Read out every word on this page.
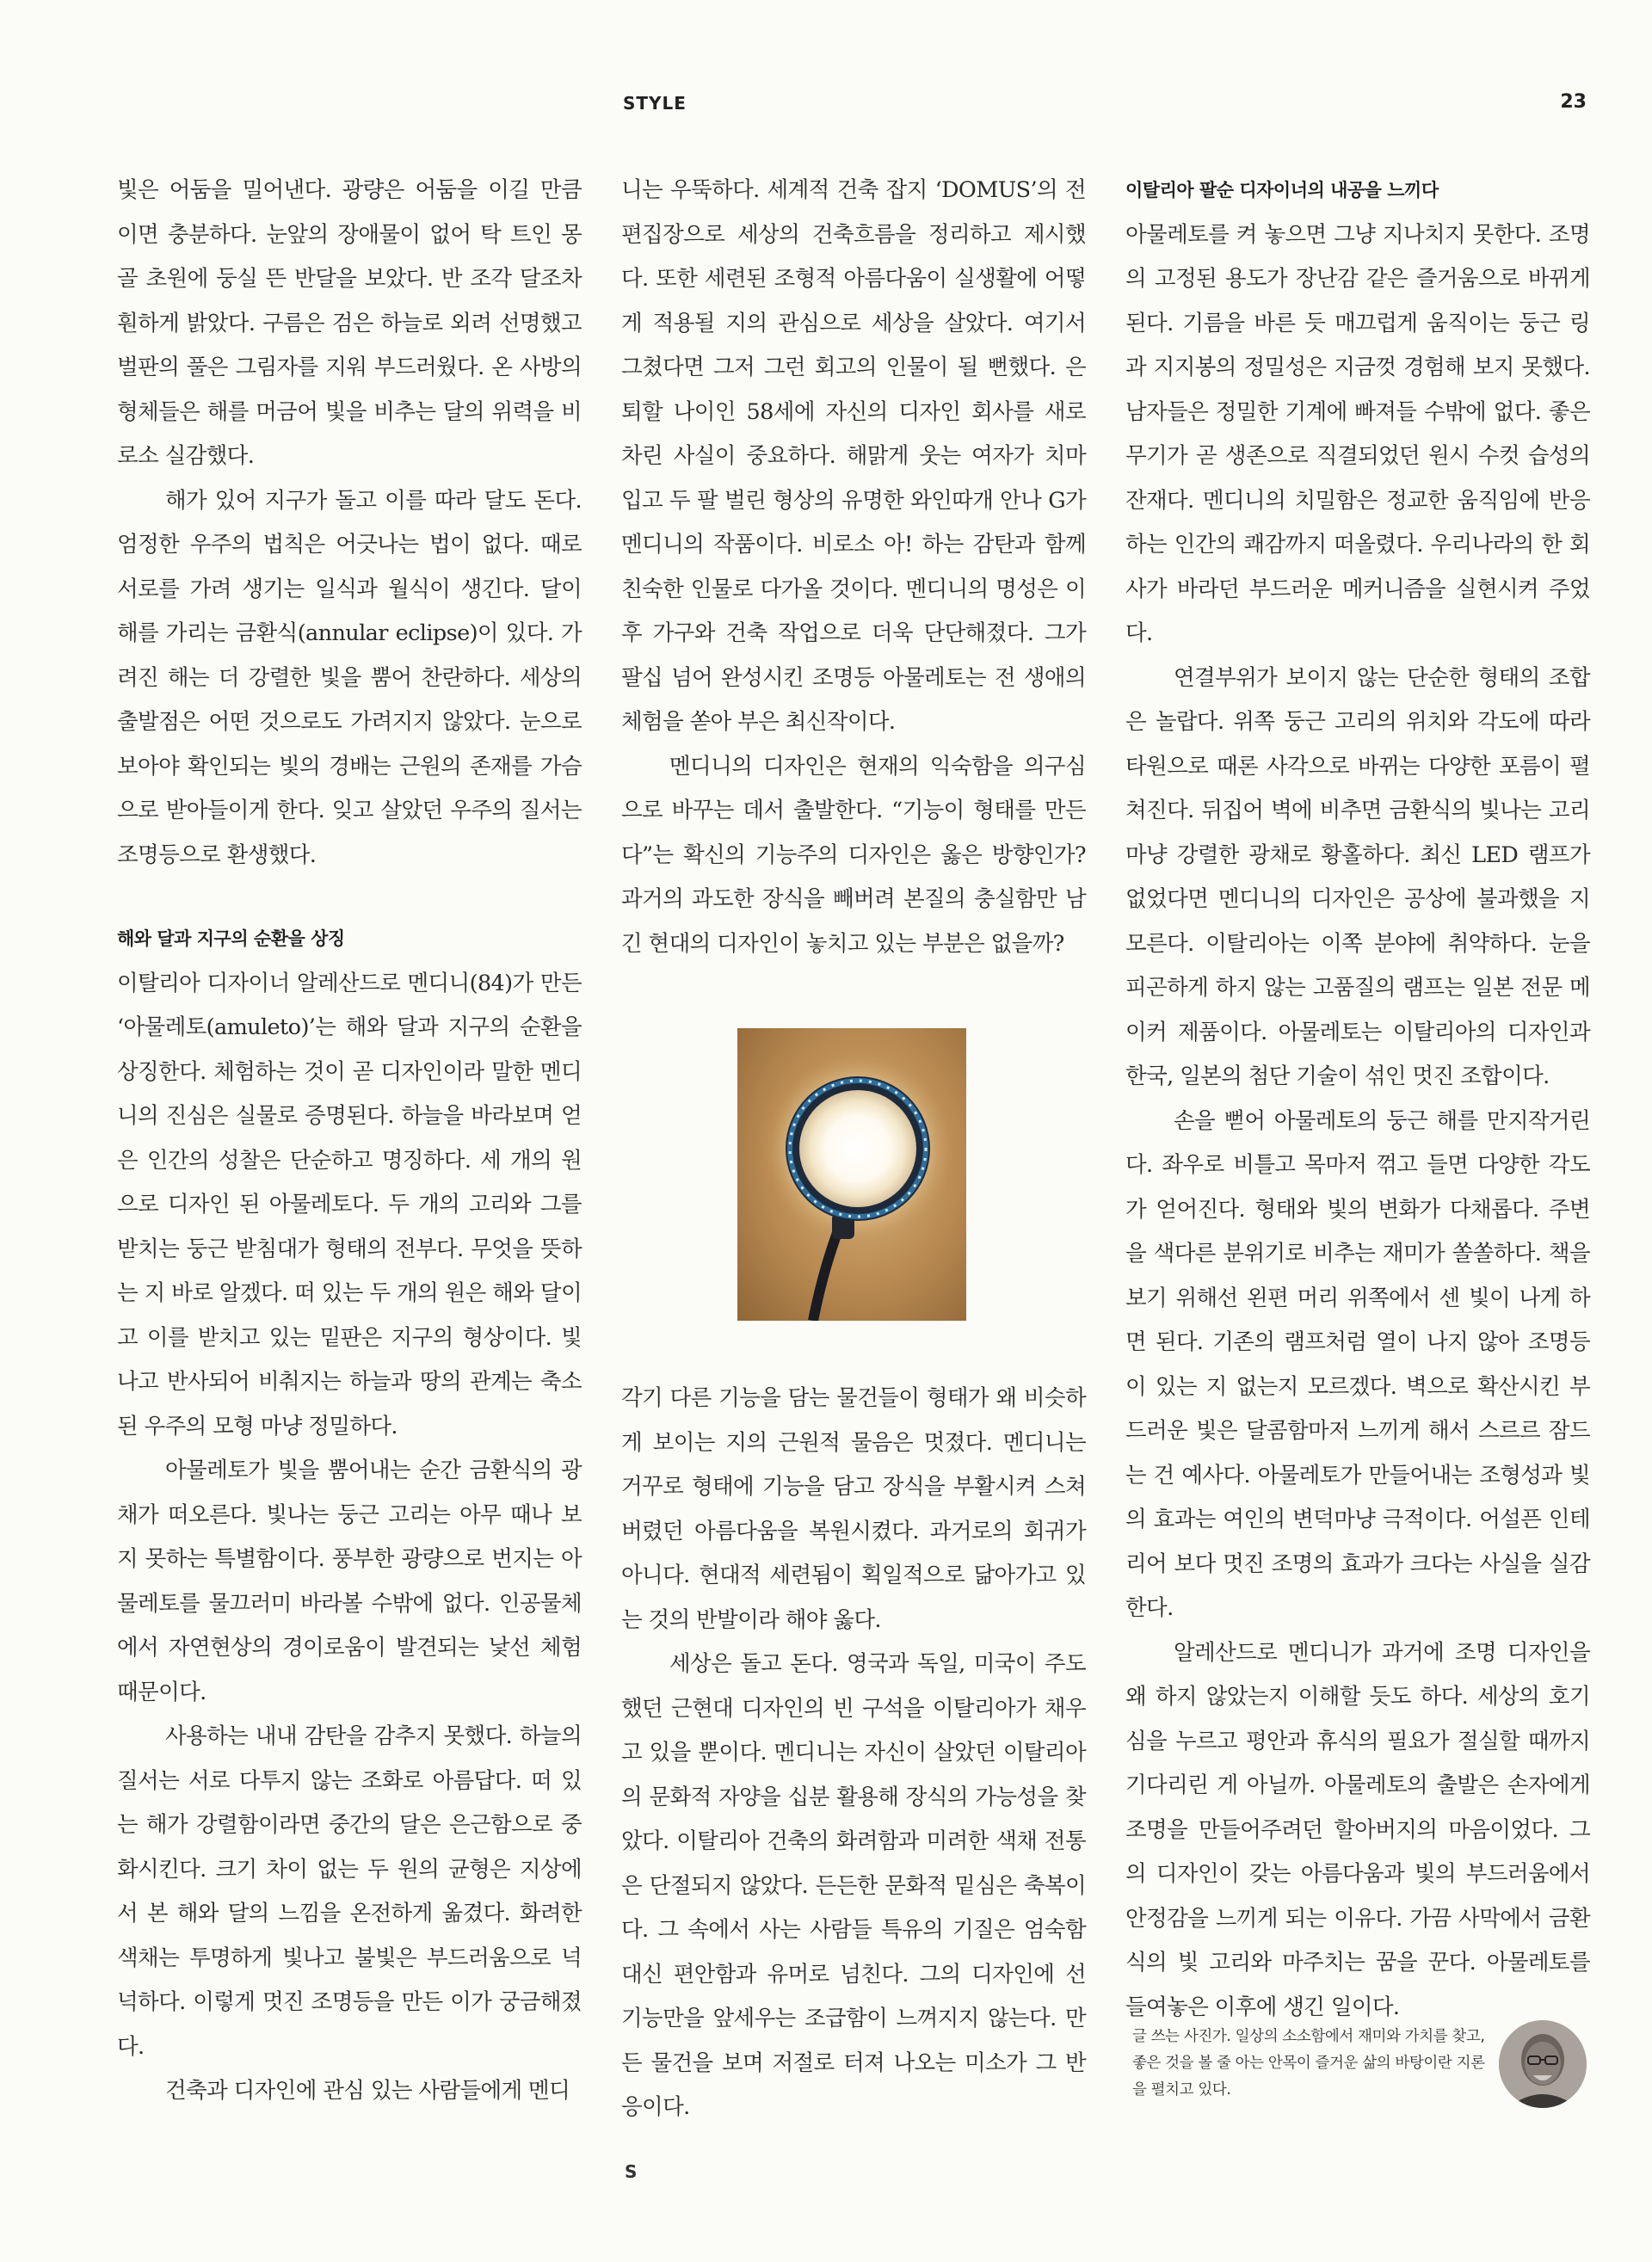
STYLE	23

빛은 어둠을 밀어낸다. 광량은 어둠을 이길 만큼 이면 충분하다. 눈앞의 장애물이 없어 탁 트인 몽골 초원에 둥실 뜬 반달을 보았다. 반 조각 달조차 훤하게 밝았다. 구름은 검은 하늘로 외려 선명했고 벌판의 풀은 그림자를 지워 부드러웠다. 온 사방의 형체들은 해를 머금어 빛을 비추는 달의 위력을 비로소 실감했다.

해가 있어 지구가 돌고 이를 따라 달도 돈다. 엄정한 우주의 법칙은 어긋나는 법이 없다. 때로 서로를 가려 생기는 일식과 월식이 생긴다. 달이 해를 가리는 금환식(annular eclipse)이 있다. 가려진 해는 더 강렬한 빛을 뿜어 찬란하다. 세상의 출발점은 어떤 것으로도 가려지지 않았다. 눈으로 보아야 확인되는 빛의 경배는 근원의 존재를 가슴으로 받아들이게 한다. 잊고 살았던 우주의 질서는 조명등으로 환생했다.

해와 달과 지구의 순환을 상징

이탈리아 디자이너 알레산드로 멘디니(84)가 만든 ‘아물레토(amuleto)’는 해와 달과 지구의 순환을 상징한다. 체험하는 것이 곧 디자인이라 말한 멘디니의 진심은 실물로 증명된다. 하늘을 바라보며 얻은 인간의 성찰은 단순하고 명징하다. 세 개의 원으로 디자인 된 아물레토다. 두 개의 고리와 그를 받치는 둥근 받침대가 형태의 전부다. 무엇을 뜻하는 지 바로 알겠다. 떠 있는 두 개의 원은 해와 달이고 이를 받치고 있는 밑판은 지구의 형상이다. 빛나고 반사되어 비춰지는 하늘과 땅의 관계는 축소된 우주의 모형 마냥 정밀하다.

아물레토가 빛을 뿜어내는 순간 금환식의 광채가 떠오른다. 빛나는 둥근 고리는 아무 때나 보지 못하는 특별함이다. 풍부한 광량으로 번지는 아물레토를 물끄러미 바라볼 수밖에 없다. 인공물체에서 자연현상의 경이로움이 발견되는 낯선 체험 때문이다.

사용하는 내내 감탄을 감추지 못했다. 하늘의 질서는 서로 다투지 않는 조화로 아름답다. 떠 있는 해가 강렬함이라면 중간의 달은 은근함으로 중화시킨다. 크기 차이 없는 두 원의 균형은 지상에서 본 해와 달의 느낌을 온전하게 옮겼다. 화려한 색채는 투명하게 빛나고 불빛은 부드러움으로 넉넉하다. 이렇게 멋진 조명등을 만든 이가 궁금해졌다.

건축과 디자인에 관심 있는 사람들에게 멘디

니는 우뚝하다. 세계적 건축 잡지 ‘DOMUS’의 전 편집장으로 세상의 건축흐름을 정리하고 제시했다. 또한 세련된 조형적 아름다움이 실생활에 어떻게 적용될 지의 관심으로 세상을 살았다. 여기서 그쳤다면 그저 그런 회고의 인물이 될 뻔했다. 은퇴할 나이인 58세에 자신의 디자인 회사를 새로 차린 사실이 중요하다. 해맑게 웃는 여자가 치마 입고 두 팔 벌린 형상의 유명한 와인따개 안나 G가 멘디니의 작품이다. 비로소 아! 하는 감탄과 함께 친숙한 인물로 다가올 것이다. 멘디니의 명성은 이후 가구와 건축 작업으로 더욱 단단해졌다. 그가 팔십 넘어 완성시킨 조명등 아물레토는 전 생애의 체험을 쏟아 부은 최신작이다.

멘디니의 디자인은 현재의 익숙함을 의구심으로 바꾸는 데서 출발한다. “기능이 형태를 만든다”는 확신의 기능주의 디자인은 옳은 방향인가? 과거의 과도한 장식을 빼버려 본질의 충실함만 남긴 현대의 디자인이 놓치고 있는 부분은 없을까?

각기 다른 기능을 담는 물건들이 형태가 왜 비슷하게 보이는 지의 근원적 물음은 멋졌다. 멘디니는 거꾸로 형태에 기능을 담고 장식을 부활시켜 스쳐 버렸던 아름다움을 복원시켰다. 과거로의 회귀가 아니다. 현대적 세련됨이 획일적으로 닮아가고 있는 것의 반발이라 해야 옳다.

세상은 돌고 돈다. 영국과 독일, 미국이 주도했던 근현대 디자인의 빈 구석을 이탈리아가 채우고 있을 뿐이다. 멘디니는 자신이 살았던 이탈리아의 문화적 자양을 십분 활용해 장식의 가능성을 찾았다. 이탈리아 건축의 화려함과 미려한 색채 전통은 단절되지 않았다. 든든한 문화적 밑심은 축복이다. 그 속에서 사는 사람들 특유의 기질은 엄숙함 대신 편안함과 유머로 넘친다. 그의 디자인에 선 기능만을 앞세우는 조급함이 느껴지지 않는다. 만든 물건을 보며 저절로 터져 나오는 미소가 그 반응이다.

이탈리아 팔순 디자이너의 내공을 느끼다

아물레토를 켜 놓으면 그냥 지나치지 못한다. 조명의 고정된 용도가 장난감 같은 즐거움으로 바뀌게 된다. 기름을 바른 듯 매끄럽게 움직이는 둥근 링과 지지봉의 정밀성은 지금껏 경험해 보지 못했다. 남자들은 정밀한 기계에 빠져들 수밖에 없다. 좋은 무기가 곧 생존으로 직결되었던 원시 수컷 습성의 잔재다. 멘디니의 치밀함은 정교한 움직임에 반응하는 인간의 쾌감까지 떠올렸다. 우리나라의 한 회사가 바라던 부드러운 메커니즘을 실현시켜 주었다.

연결부위가 보이지 않는 단순한 형태의 조합은 놀랍다. 위쪽 둥근 고리의 위치와 각도에 따라 타원으로 때론 사각으로 바뀌는 다양한 포름이 펼쳐진다. 뒤집어 벽에 비추면 금환식의 빛나는 고리마냥 강렬한 광채로 황홀하다. 최신 LED 램프가 없었다면 멘디니의 디자인은 공상에 불과했을 지 모른다. 이탈리아는 이쪽 분야에 취약하다. 눈을 피곤하게 하지 않는 고품질의 램프는 일본 전문 메이커 제품이다. 아물레토는 이탈리아의 디자인과 한국, 일본의 첨단 기술이 섞인 멋진 조합이다.

손을 뻗어 아물레토의 둥근 해를 만지작거린다. 좌우로 비틀고 목마저 꺾고 들면 다양한 각도가 얻어진다. 형태와 빛의 변화가 다채롭다. 주변을 색다른 분위기로 비추는 재미가 쏠쏠하다. 책을 보기 위해선 왼편 머리 위쪽에서 센 빛이 나게 하면 된다. 기존의 램프처럼 열이 나지 않아 조명등이 있는 지 없는지 모르겠다. 벽으로 확산시킨 부드러운 빛은 달콤함마저 느끼게 해서 스르르 잠드는 건 예사다. 아물레토가 만들어내는 조형성과 빛의 효과는 여인의 변덕마냥 극적이다. 어설픈 인테리어 보다 멋진 조명의 효과가 크다는 사실을 실감한다.

알레산드로 멘디니가 과거에 조명 디자인을 왜 하지 않았는지 이해할 듯도 하다. 세상의 호기심을 누르고 평안과 휴식의 필요가 절실할 때까지 기다리린 게 아닐까. 아물레토의 출발은 손자에게 조명을 만들어주려던 할아버지의 마음이었다. 그의 디자인이 갖는 아름다움과 빛의 부드러움에서 안정감을 느끼게 되는 이유다. 가끔 사막에서 금환식의 빛 고리와 마주치는 꿈을 꾼다. 아물레토를 들여놓은 이후에 생긴 일이다.

글 쓰는 사진가. 일상의 소소함에서 재미와 가치를 찾고, 좋은 것을 볼 줄 아는 안목이 즐거운 삶의 바탕이란 지론을 펼치고 있다.
S
